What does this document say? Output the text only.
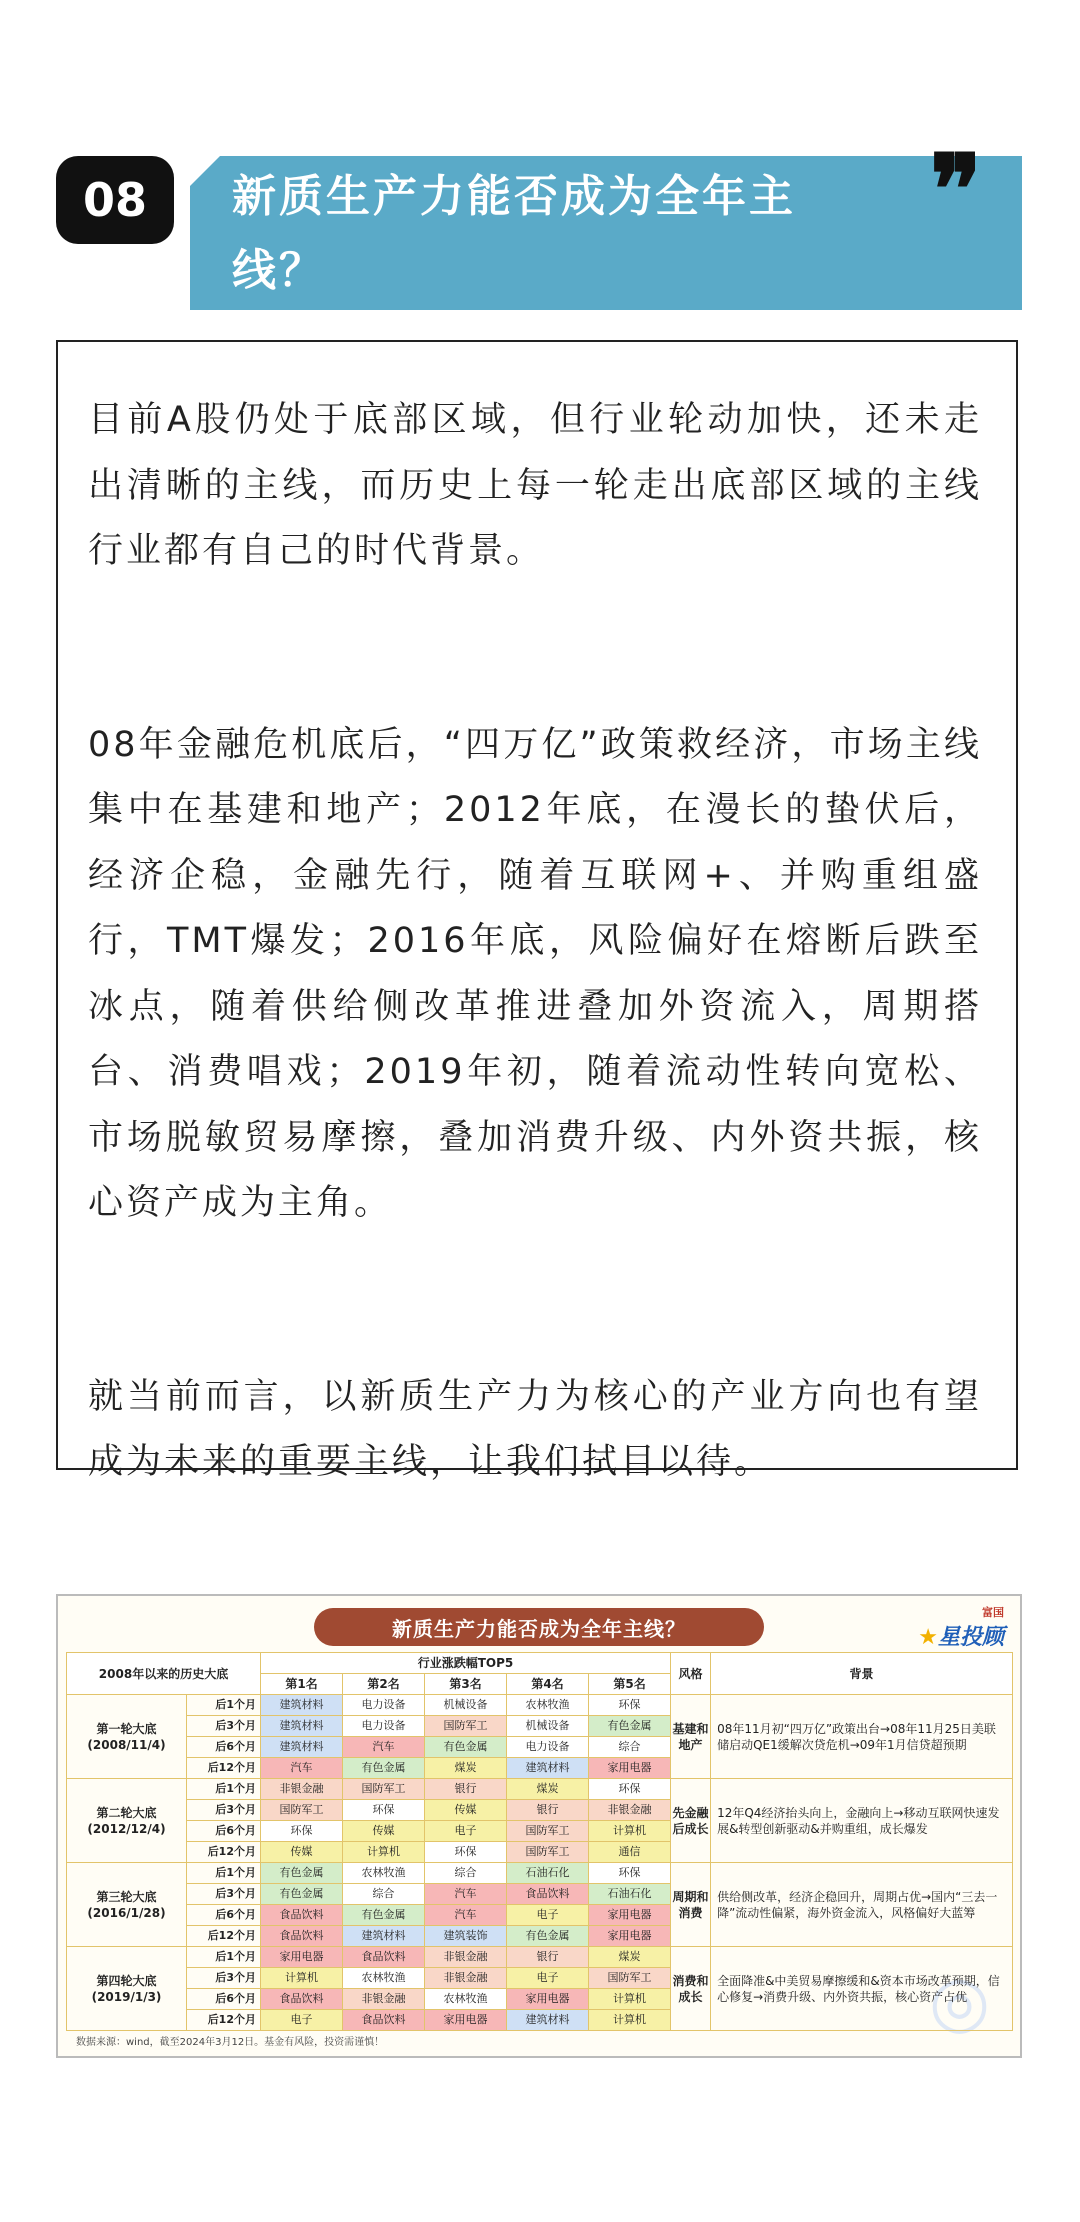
08 新质生产力能否成为全年主
线？
❞

目前A股仍处于底部区域，但行业轮动加快，还未走出清晰的主线，而历史上每一轮走出底部区域的主线行业都有自己的时代背景。

08年金融危机底后，“四万亿”政策救经济，市场主线集中在基建和地产；2012年底，在漫长的蛰伏后，经济企稳，金融先行，随着互联网+、并购重组盛行，TMT爆发；2016年底，风险偏好在熔断后跌至冰点，随着供给侧改革推进叠加外资流入，周期搭台、消费唱戏；2019年初，随着流动性转向宽松、市场脱敏贸易摩擦，叠加消费升级、内外资共振，核心资产成为主角。

就当前而言，以新质生产力为核心的产业方向也有望成为未来的重要主线，让我们拭目以待。

新质生产力能否成为全年主线？
富国
★星投顾
◎
2008年以来的历史大底		行业涨跌幅TOP5					风格	背景
		第1名	第2名	第3名	第4名	第5名		
第一轮大底 (2008/11/4)	后1个月	建筑材料	电力设备	机械设备	农林牧渔	环保	基建和地产	08年11月初“四万亿”政策出台→08年11月25日美联储启动QE1缓解次贷危机→09年1月信贷超预期
	后3个月	建筑材料	电力设备	国防军工	机械设备	有色金属		
	后6个月	建筑材料	汽车	有色金属	电力设备	综合		
	后12个月	汽车	有色金属	煤炭	建筑材料	家用电器		
第二轮大底 (2012/12/4)	后1个月	非银金融	国防军工	银行	煤炭	环保	先金融后成长	12年Q4经济抬头向上，金融向上→移动互联网快速发展&转型创新驱动&并购重组，成长爆发
	后3个月	国防军工	环保	传媒	银行	非银金融		
	后6个月	环保	传媒	电子	国防军工	计算机		
	后12个月	传媒	计算机	环保	国防军工	通信		
第三轮大底 (2016/1/28)	后1个月	有色金属	农林牧渔	综合	石油石化	环保	周期和消费	供给侧改革，经济企稳回升，周期占优→国内“三去一降”流动性偏紧，海外资金流入，风格偏好大蓝筹
	后3个月	有色金属	综合	汽车	食品饮料	石油石化		
	后6个月	食品饮料	有色金属	汽车	电子	家用电器		
	后12个月	食品饮料	建筑材料	建筑装饰	有色金属	家用电器		
第四轮大底 (2019/1/3)	后1个月	家用电器	食品饮料	非银金融	银行	煤炭	消费和成长	全面降准&中美贸易摩擦缓和&资本市场改革预期，信心修复→消费升级、内外资共振，核心资产占优
	后3个月	计算机	农林牧渔	非银金融	电子	国防军工		
	后6个月	食品饮料	非银金融	农林牧渔	家用电器	计算机		
	后12个月	电子	食品饮料	家用电器	建筑材料	计算机		
数据来源：wind，截至2024年3月12日。基金有风险，投资需谨慎！
